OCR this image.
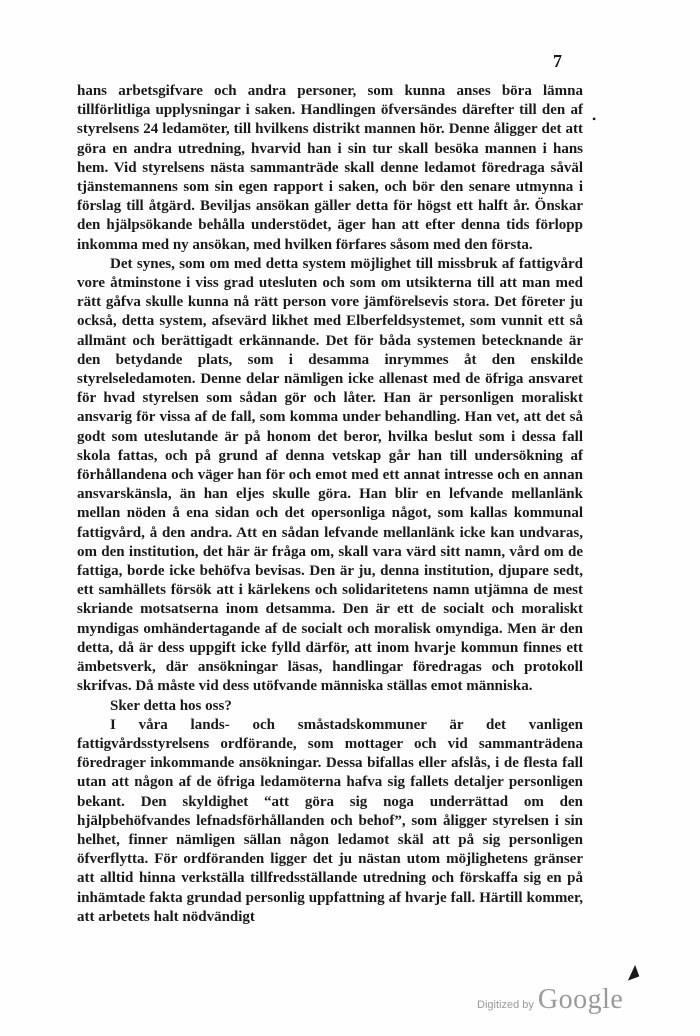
7
•

hans arbetsgifvare och andra personer, som kunna anses böra lämna tillförlitliga upplysningar i saken. Handlingen öfversändes därefter till den af styrelsens 24 ledamöter, till hvilkens distrikt mannen hör. Denne åligger det att göra en andra utredning, hvarvid han i sin tur skall besöka mannen i hans hem. Vid styrelsens nästa sammanträde skall denne ledamot föredraga såväl tjänstemannens som sin egen rapport i saken, och bör den senare utmynna i förslag till åtgärd. Beviljas ansökan gäller detta för högst ett halft år. Önskar den hjälpsökande behålla understödet, äger han att efter denna tids förlopp inkomma med ny ansökan, med hvilken förfares såsom med den första.

Det synes, som om med detta system möjlighet till missbruk af fattigvård vore åtminstone i viss grad utesluten och som om utsikterna till att man med rätt gåfva skulle kunna nå rätt person vore jämförelsevis stora. Det företer ju också, detta system, afsevärd likhet med Elberfeldsystemet, som vunnit ett så allmänt och berättigadt erkännande. Det för båda systemen betecknande är den betydande plats, som i desamma inrymmes åt den enskilde styrelseledamoten. Denne delar nämligen icke allenast med de öfriga ansvaret för hvad styrelsen som sådan gör och låter. Han är personligen moraliskt ansvarig för vissa af de fall, som komma under behandling. Han vet, att det så godt som uteslutande är på honom det beror, hvilka beslut som i dessa fall skola fattas, och på grund af denna vetskap går han till undersökning af förhållandena och väger han för och emot med ett annat intresse och en annan ansvarskänsla, än han eljes skulle göra. Han blir en lefvande mellanlänk mellan nöden å ena sidan och det opersonliga något, som kallas kommunal fattigvård, å den andra. Att en sådan lefvande mellanlänk icke kan undvaras, om den institution, det här är fråga om, skall vara värd sitt namn, vård om de fattiga, borde icke behöfva bevisas. Den är ju, denna institution, djupare sedt, ett samhällets försök att i kärlekens och solidaritetens namn utjämna de mest skriande motsatserna inom detsamma. Den är ett de socialt och moraliskt myndigas omhändertagande af de socialt och moralisk omyndiga. Men är den detta, då är dess uppgift icke fylld därför, att inom hvarje kommun finnes ett ämbetsverk, där ansökningar läsas, handlingar föredragas och protokoll skrifvas. Då måste vid dess utöfvande människa ställas emot människa.

Sker detta hos oss?

I våra lands- och småstadskommuner är det vanligen fattigvårdsstyrelsens ordförande, som mottager och vid sammanträdena föredrager inkommande ansökningar. Dessa bifallas eller afslås, i de flesta fall utan att någon af de öfriga ledamöterna hafva sig fallets detaljer personligen bekant. Den skyldighet “att göra sig noga underrättad om den hjälpbehöfvandes lefnadsförhållanden och behof”, som åligger styrelsen i sin helhet, finner nämligen sällan någon ledamot skäl att på sig personligen öfverflytta. För ordföranden ligger det ju nästan utom möjlighetens gränser att alltid hinna verkställa tillfredsställande utredning och förskaffa sig en på inhämtade fakta grundad personlig uppfattning af hvarje fall. Härtill kommer, att arbetets halt nödvändigt

◢
Digitized by Google
